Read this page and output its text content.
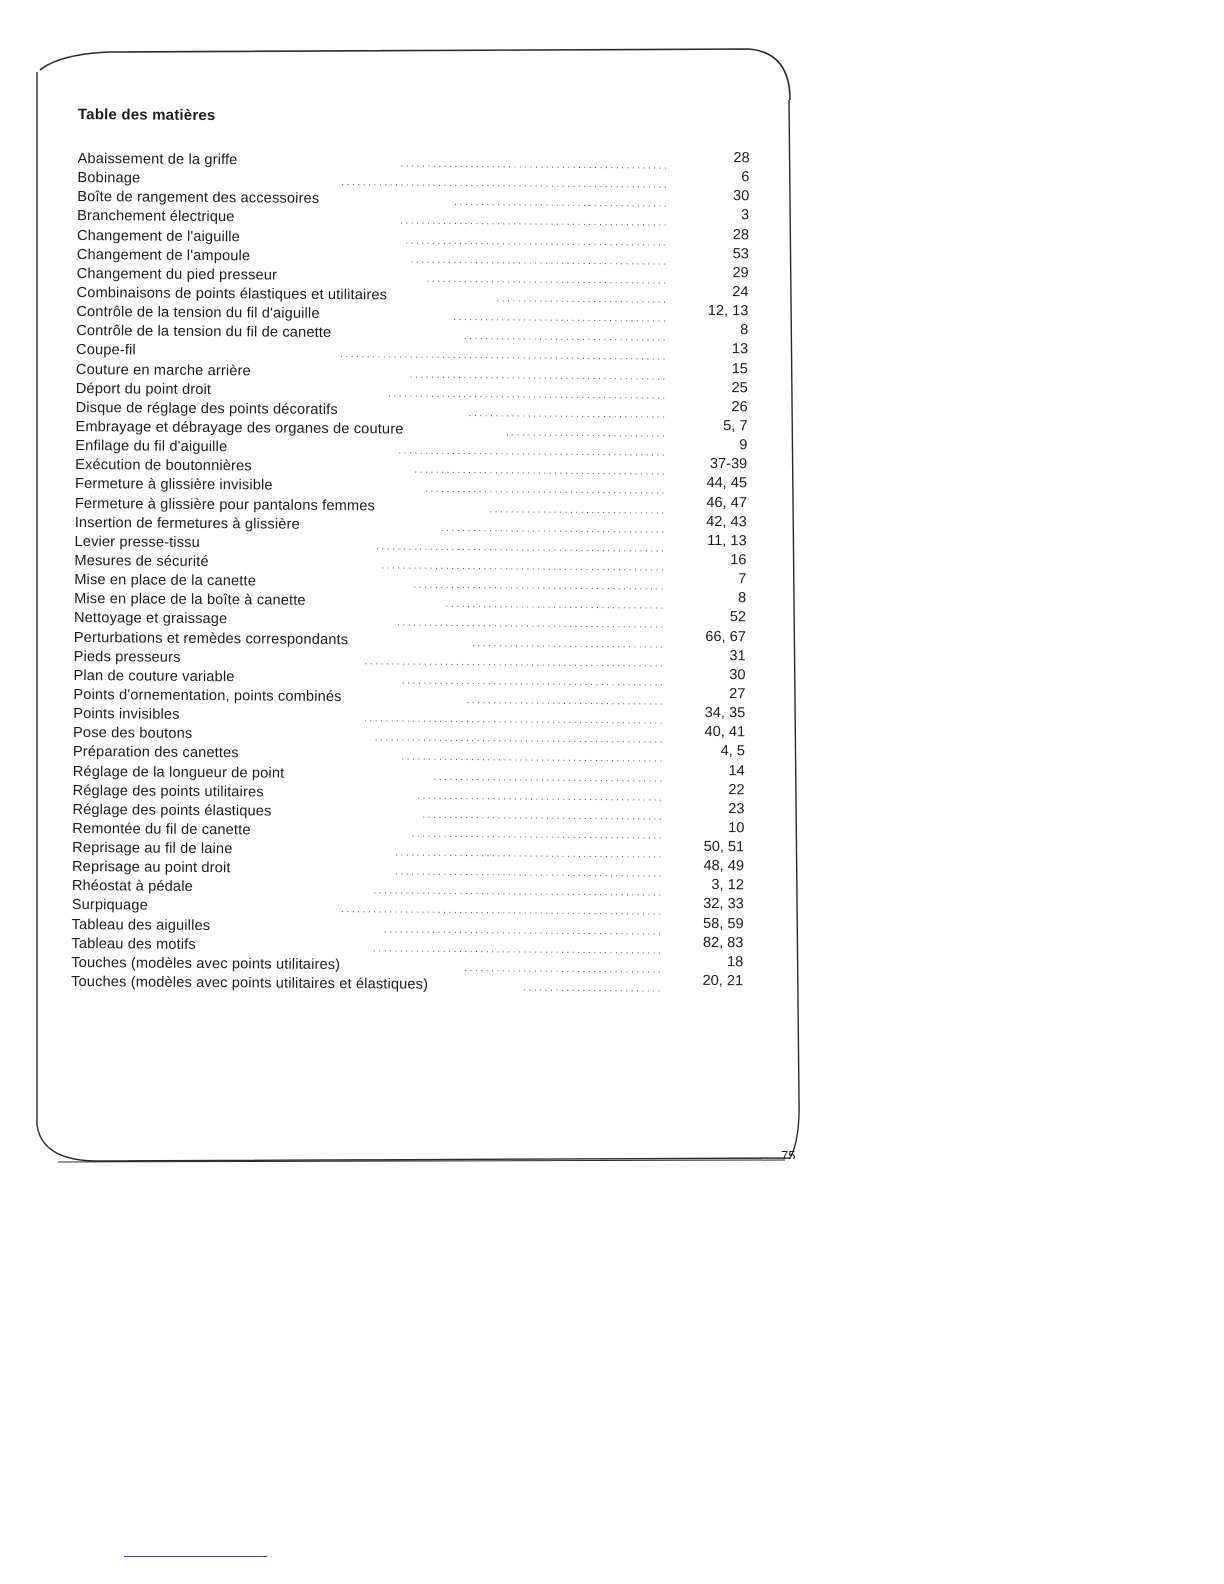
Table des matières
Abaissement de la griffe	..................................................	28
Bobinage	.............................................................	6
Boîte de rangement des accessoires	........................................	30
Branchement électrique	..................................................	3
Changement de l'aiguille	.................................................	28
Changement de l'ampoule	................................................	53
Changement du pied presseur	.............................................	29
Combinaisons de points élastiques et utilitaires	................................	24
Contrôle de la tension du fil d'aiguille	........................................	12, 13
Contrôle de la tension du fil de canette	......................................	8
Coupe-fil	.............................................................	13
Couture en marche arrière	................................................	15
Déport du point droit	....................................................	25
Disque de réglage des points décoratifs	.....................................	26
Embrayage et débrayage des organes de couture	..............................	5, 7
Enfilage du fil d'aiguille	..................................................	9
Exécution de boutonnières	...............................................	37-39
Fermeture à glissière invisible	.............................................	44, 45
Fermeture à glissière pour pantalons femmes	.................................	46, 47
Insertion de fermetures à glissière	..........................................	42, 43
Levier presse-tissu	......................................................	11, 13
Mesures de sécurité	.....................................................	16
Mise en place de la canette	...............................................	7
Mise en place de la boîte à canette	.........................................	8
Nettoyage et graissage	..................................................	52
Perturbations et remèdes correspondants	....................................	66, 67
Pieds presseurs	........................................................	31
Plan de couture variable	.................................................	30
Points d'ornementation, points combinés	.....................................	27
Points invisibles	........................................................	34, 35
Pose des boutons	......................................................	40, 41
Préparation des canettes	.................................................	4, 5
Réglage de la longueur de point	...........................................	14
Réglage des points utilitaires	..............................................	22
Réglage des points élastiques	.............................................	23
Remontée du fil de canette	...............................................	10
Reprisage au fil de laine	..................................................	50, 51
Reprisage au point droit	..................................................	48, 49
Rhéostat à pédale	......................................................	3, 12
Surpiquage	............................................................	32, 33
Tableau des aiguilles	....................................................	58, 59
Tableau des motifs	......................................................	82, 83
Touches (modèles avec points utilitaires)	.....................................	18
Touches (modèles avec points utilitaires et élastiques)	..........................	20, 21
75
